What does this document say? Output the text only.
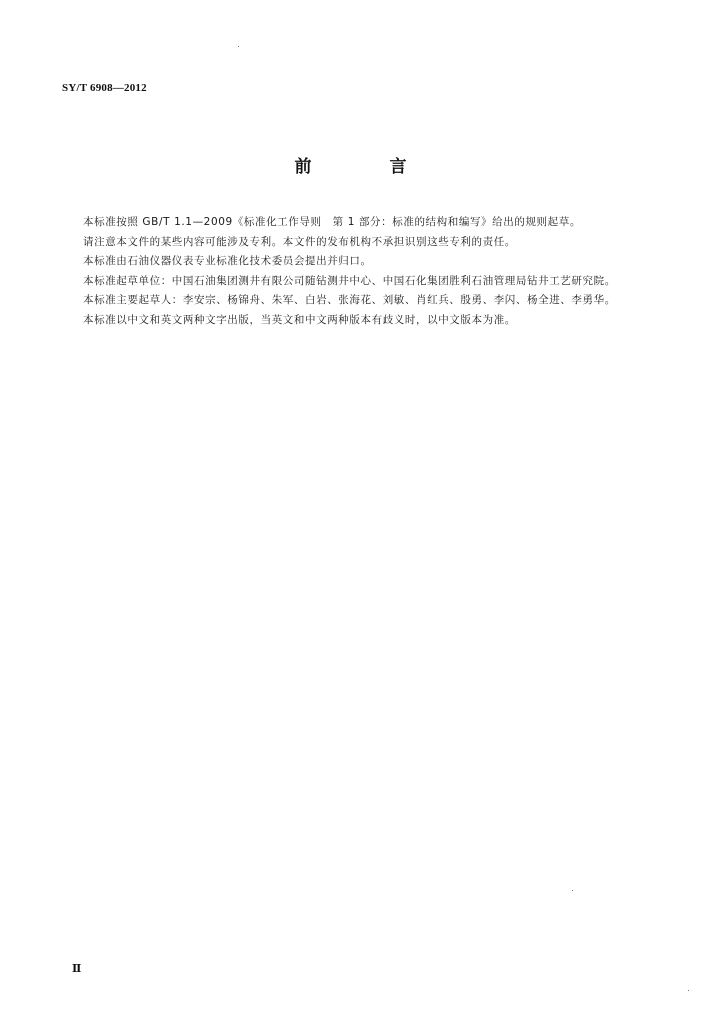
SY/T 6908—2012
前 言

本标准按照 GB/T 1.1—2009《标准化工作导则　第 1 部分：标准的结构和编写》给出的规则起草。

请注意本文件的某些内容可能涉及专利。本文件的发布机构不承担识别这些专利的责任。

本标准由石油仪器仪表专业标准化技术委员会提出并归口。

本标准起草单位：中国石油集团测井有限公司随钻测井中心、中国石化集团胜利石油管理局钻井工艺研究院。

本标准主要起草人：李安宗、杨锦舟、朱军、白岩、张海花、刘敏、肖红兵、殷勇、李闪、杨全进、李勇华。

本标准以中文和英文两种文字出版，当英文和中文两种版本有歧义时，以中文版本为准。

Ⅱ
